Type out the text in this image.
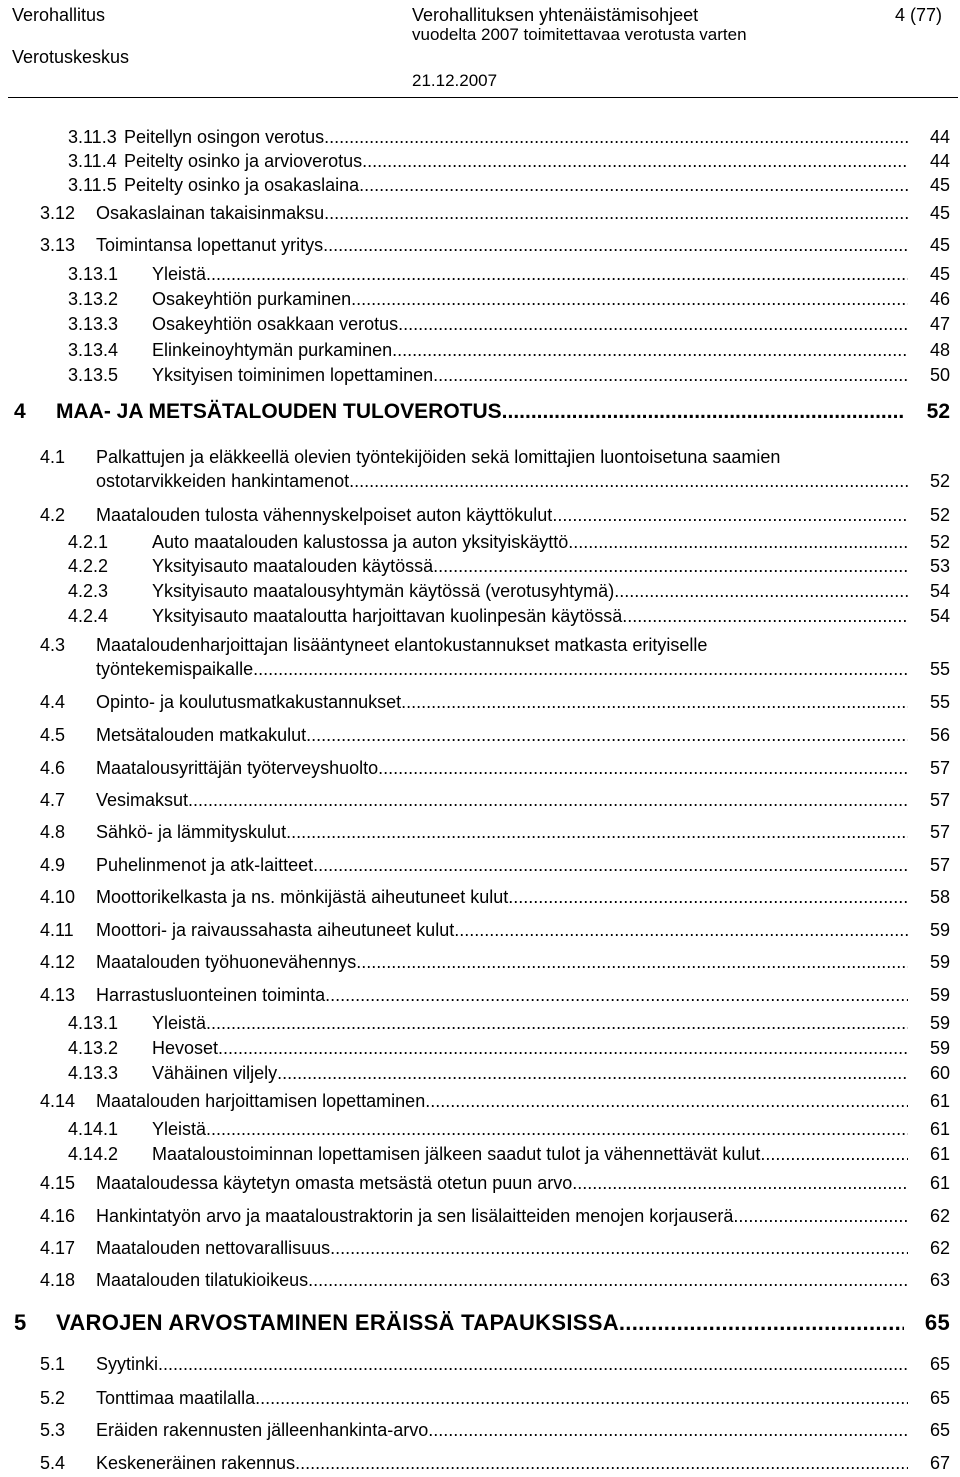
Verohallitus
Verotuskeskus
Verohallituksen yhtenäistämisohjeet
vuodelta 2007 toimitettavaa verotusta varten
21.12.2007
4 (77)
3.11.3 Peitellyn osingon verotus .....	44
3.11.4 Peitelty osinko ja arvioverotus .....	44
3.11.5 Peitelty osinko ja osakaslaina .....	45
3.12 Osakaslainan takaisinmaksu .....	45
3.13 Toimintansa lopettanut yritys .....	45
3.13.1 Yleistä .....	45
3.13.2 Osakeyhtiön purkaminen .....	46
3.13.3 Osakeyhtiön osakkaan verotus .....	47
3.13.4 Elinkeinoyhtymän purkaminen .....	48
3.13.5 Yksityisen toiminimen lopettaminen .....	50
4 MAA- JA METSÄTALOUDEN TULOVEROTUS .....	52
4.1 Palkattujen ja eläkkeellä olevien työntekijöiden sekä lomittajien luontoisetuna saamien
ostotarvikkeiden hankintamenot .....	52
4.2 Maatalouden tulosta vähennyskelpoiset auton käyttökulut .....	52
4.2.1 Auto maatalouden kalustossa ja auton yksityiskäyttö .....	52
4.2.2 Yksityisauto maatalouden käytössä .....	53
4.2.3 Yksityisauto maatalousyhtymän käytössä (verotusyhtymä) .....	54
4.2.4 Yksityisauto maataloutta harjoittavan kuolinpesän käytössä .....	54
4.3 Maataloudenharjoittajan lisääntyneet elantokustannukset matkasta erityiselle
työntekemispaikalle .....	55
4.4 Opinto- ja koulutusmatkakustannukset .....	55
4.5 Metsätalouden matkakulut .....	56
4.6 Maatalousyrittäjän työterveyshuolto .....	57
4.7 Vesimaksut .....	57
4.8 Sähkö- ja lämmityskulut .....	57
4.9 Puhelinmenot ja atk-laitteet .....	57
4.10 Moottorikelkasta ja ns. mönkijästä aiheutuneet kulut .....	58
4.11 Moottori- ja raivaussahasta aiheutuneet kulut .....	59
4.12 Maatalouden työhuonevähennys .....	59
4.13 Harrastusluonteinen toiminta .....	59
4.13.1 Yleistä .....	59
4.13.2 Hevoset .....	59
4.13.3 Vähäinen viljely .....	60
4.14 Maatalouden harjoittamisen lopettaminen .....	61
4.14.1 Yleistä .....	61
4.14.2 Maataloustoiminnan lopettamisen jälkeen saadut tulot ja vähennettävät kulut .....	61
4.15 Maataloudessa käytetyn omasta metsästä otetun puun arvo .....	61
4.16 Hankintatyön arvo ja maataloustraktorin ja sen lisälaitteiden menojen korjauserä .....	62
4.17 Maatalouden nettovarallisuus .....	62
4.18 Maatalouden tilatukioikeus .....	63
5 VAROJEN ARVOSTAMINEN ERÄISSÄ TAPAUKSISSA .....	65
5.1 Syytinki .....	65
5.2 Tonttimaa maatilalla .....	65
5.3 Eräiden rakennusten jälleenhankinta-arvo .....	65
5.4 Keskeneräinen rakennus .....	67
